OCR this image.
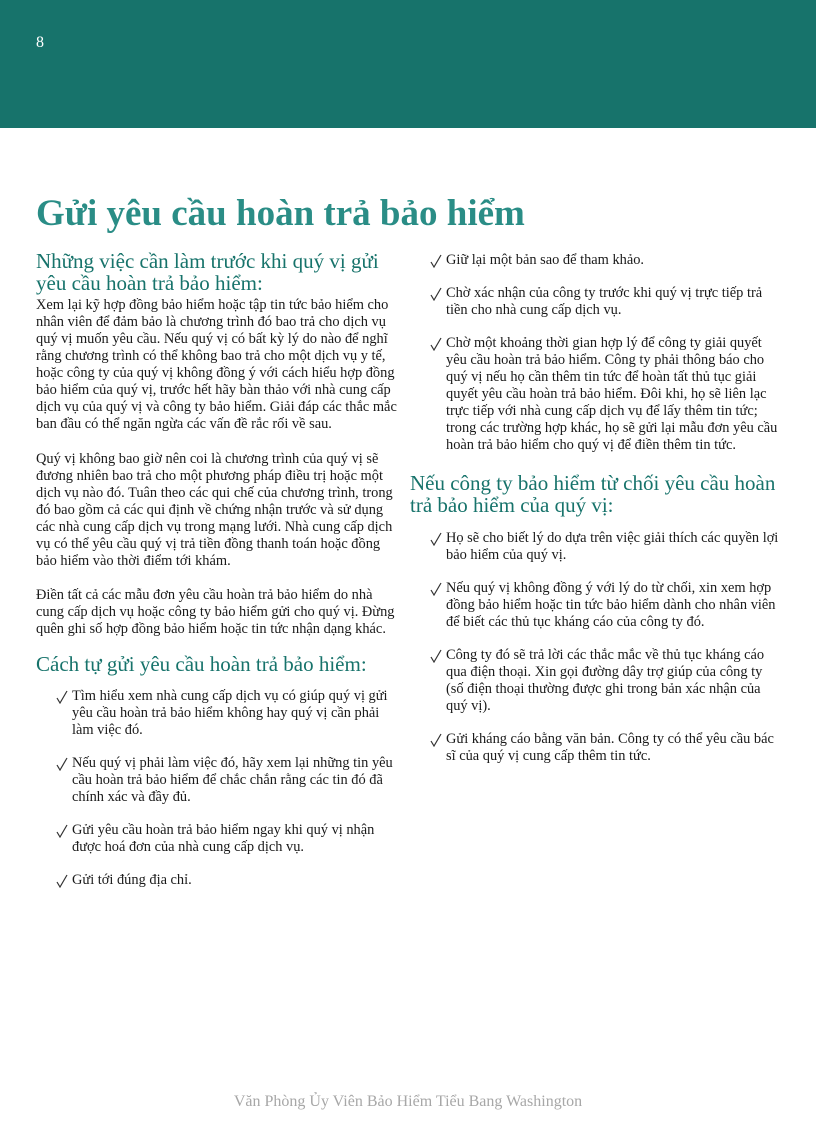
8
Gửi yêu cầu hoàn trả bảo hiểm
Những việc cần làm trước khi quý vị gửi yêu cầu hoàn trả bảo hiểm:

Xem lại kỹ hợp đồng bảo hiểm hoặc tập tin tức bảo hiểm cho nhân viên để đảm bảo là chương trình đó bao trả cho dịch vụ quý vị muốn yêu cầu. Nếu quý vị có bất kỳ lý do nào để nghĩ rằng chương trình có thể không bao trả cho một dịch vụ y tế, hoặc công ty của quý vị không đồng ý với cách hiểu hợp đồng bảo hiểm của quý vị, trước hết hãy bàn thảo với nhà cung cấp dịch vụ của quý vị và công ty bảo hiểm. Giải đáp các thắc mắc ban đầu có thể ngăn ngừa các vấn đề rắc rối về sau.

Quý vị không bao giờ nên coi là chương trình của quý vị sẽ đương nhiên bao trả cho một phương pháp điều trị hoặc một dịch vụ nào đó. Tuân theo các qui chế của chương trình, trong đó bao gồm cả các qui định về chứng nhận trước và sử dụng các nhà cung cấp dịch vụ trong mạng lưới. Nhà cung cấp dịch vụ có thể yêu cầu quý vị trả tiền đồng thanh toán hoặc đồng bảo hiểm vào thời điểm tới khám.

Điền tất cả các mẫu đơn yêu cầu hoàn trả bảo hiểm do nhà cung cấp dịch vụ hoặc công ty bảo hiểm gửi cho quý vị. Đừng quên ghi số hợp đồng bảo hiểm hoặc tin tức nhận dạng khác.

Cách tự gửi yêu cầu hoàn trả bảo hiểm:
Tìm hiểu xem nhà cung cấp dịch vụ có giúp quý vị gửi yêu cầu hoàn trả bảo hiểm không hay quý vị cần phải làm việc đó.
Nếu quý vị phải làm việc đó, hãy xem lại những tin yêu cầu hoàn trả bảo hiểm để chắc chắn rằng các tin đó đã chính xác và đầy đủ.
Gửi yêu cầu hoàn trả bảo hiểm ngay khi quý vị nhận được hoá đơn của nhà cung cấp dịch vụ.
Gửi tới đúng địa chỉ.
Giữ lại một bản sao để tham khảo.
Chờ xác nhận của công ty trước khi quý vị trực tiếp trả tiền cho nhà cung cấp dịch vụ.
Chờ một khoảng thời gian hợp lý để công ty giải quyết yêu cầu hoàn trả bảo hiểm. Công ty phải thông báo cho quý vị nếu họ cần thêm tin tức để hoàn tất thủ tục giải quyết yêu cầu hoàn trả bảo hiểm. Đôi khi, họ sẽ liên lạc trực tiếp với nhà cung cấp dịch vụ để lấy thêm tin tức; trong các trường hợp khác, họ sẽ gửi lại mẫu đơn yêu cầu hoàn trả bảo hiểm cho quý vị để điền thêm tin tức.
Nếu công ty bảo hiểm từ chối yêu cầu hoàn trả bảo hiểm của quý vị:
Họ sẽ cho biết lý do dựa trên việc giải thích các quyền lợi bảo hiểm của quý vị.
Nếu quý vị không đồng ý với lý do từ chối, xin xem hợp đồng bảo hiểm hoặc tin tức bảo hiểm dành cho nhân viên để biết các thủ tục kháng cáo của công ty đó.
Công ty đó sẽ trả lời các thắc mắc về thủ tục kháng cáo qua điện thoại. Xin gọi đường dây trợ giúp của công ty (số điện thoại thường được ghi trong bản xác nhận của quý vị).
Gửi kháng cáo bằng văn bản. Công ty có thể yêu cầu bác sĩ của quý vị cung cấp thêm tin tức.
Văn Phòng Ủy Viên Bảo Hiểm Tiểu Bang Washington
